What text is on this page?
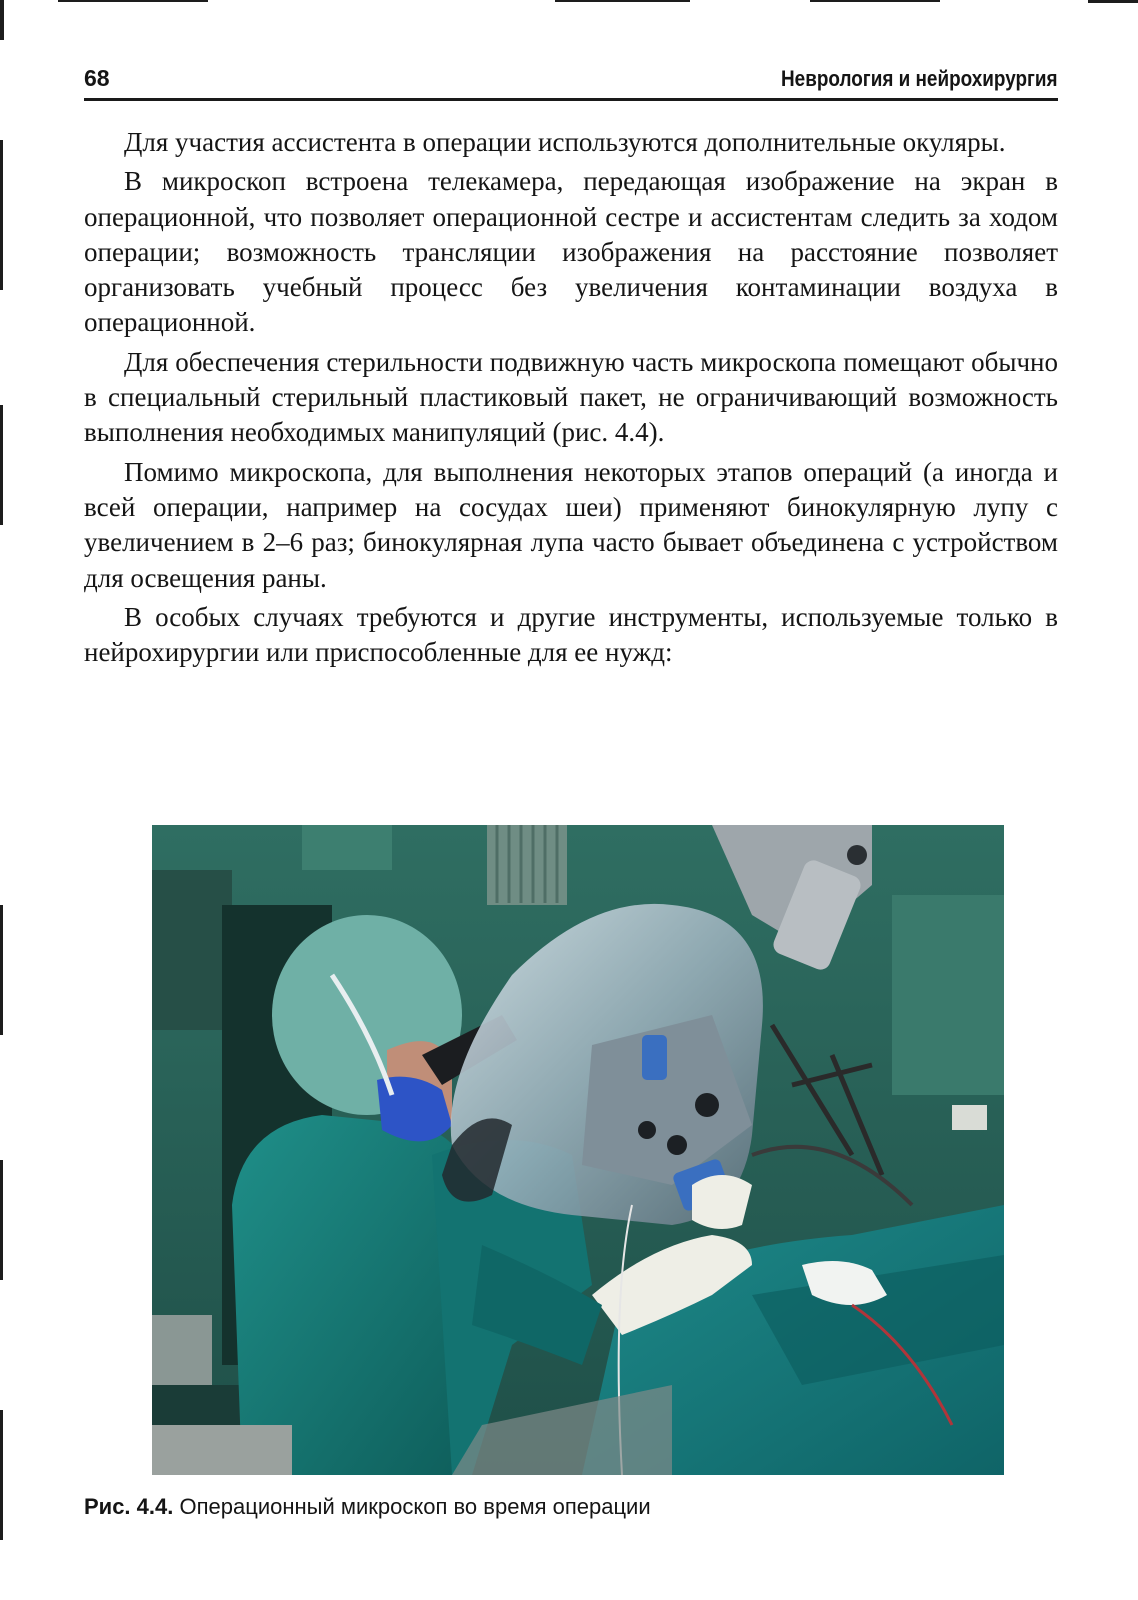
68	Неврология и нейрохирургия

Для участия ассистента в операции используются дополнительные окуляры.

В микроскоп встроена телекамера, передающая изображение на экран в операционной, что позволяет операционной сестре и ассистентам следить за ходом операции; возможность трансляции изображения на расстояние позволяет организовать учебный процесс без увеличения контаминации воздуха в операционной.

Для обеспечения стерильности подвижную часть микроскопа помещают обычно в специальный стерильный пластиковый пакет, не ограничивающий возможность выполнения необходимых манипуляций (рис. 4.4).

Помимо микроскопа, для выполнения некоторых этапов операций (а иногда и всей операции, например на сосудах шеи) применяют бинокулярную лупу с увеличением в 2–6 раз; бинокулярная лупа часто бывает объединена с устройством для освещения раны.

В особых случаях требуются и другие инструменты, используемые только в нейрохирургии или приспособленные для ее нужд:

Рис. 4.4. Операционный микроскоп во время операции
